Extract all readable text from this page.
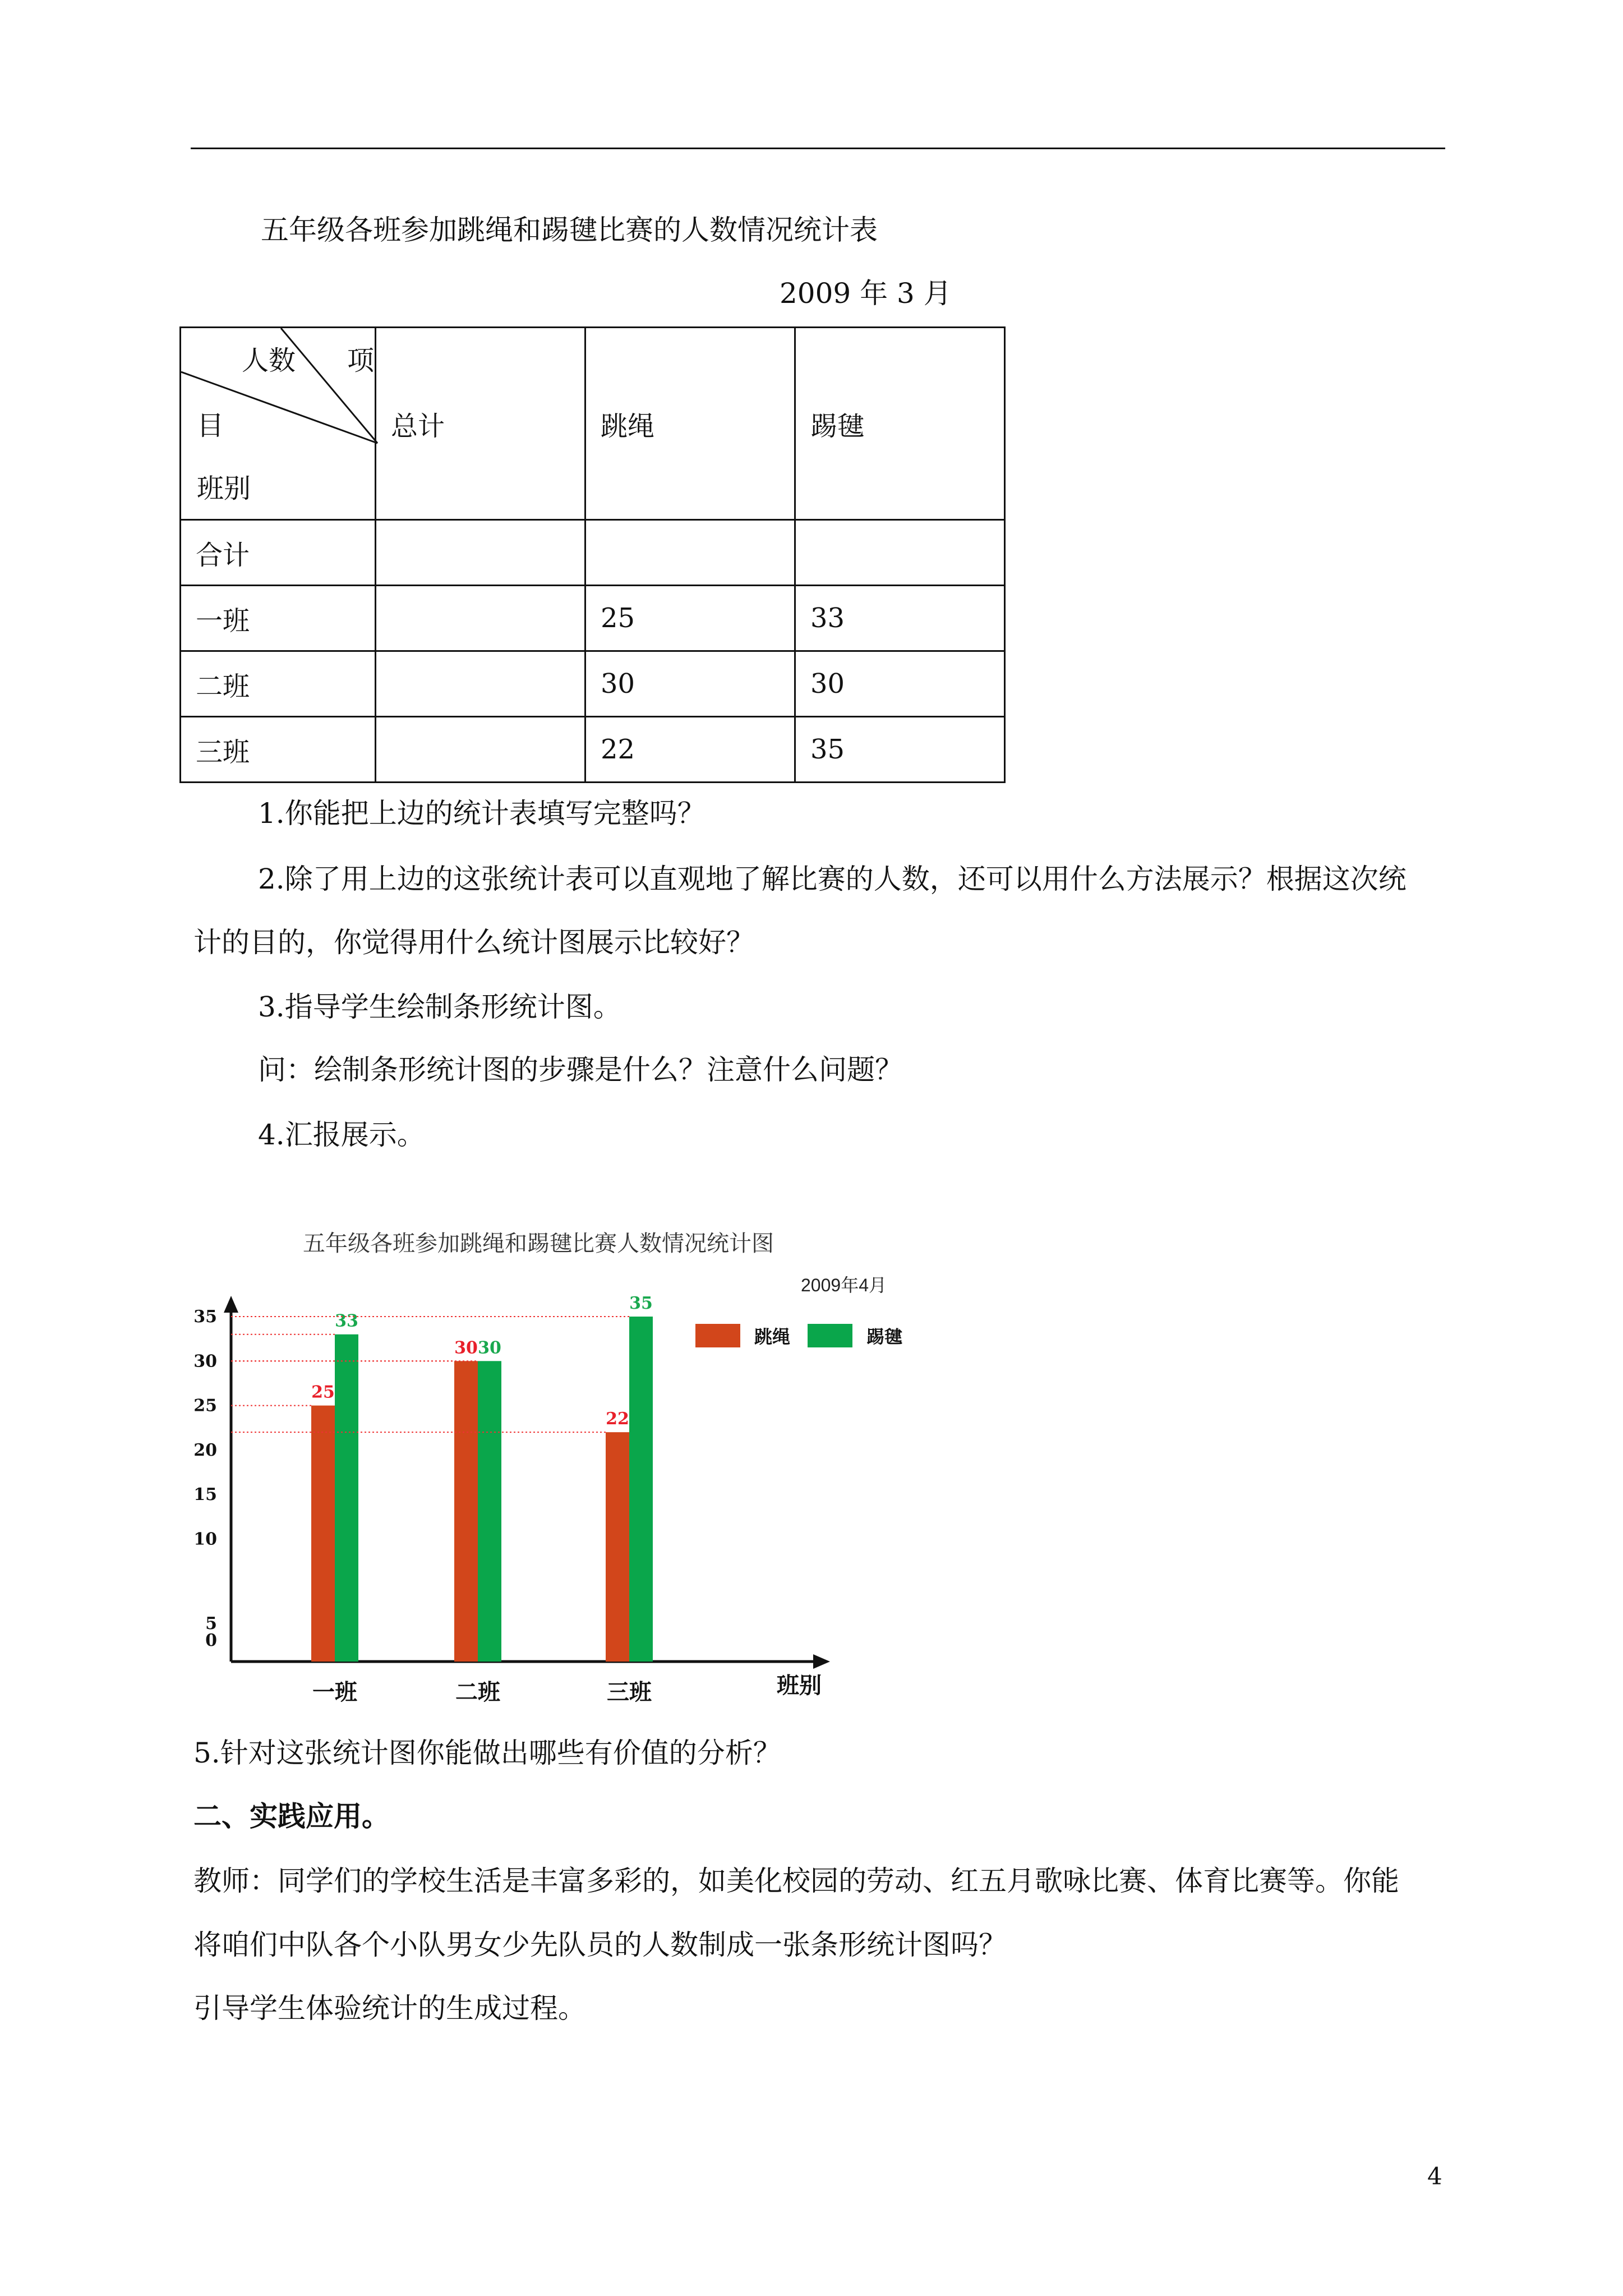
五年级各班参加跳绳和踢毽比赛的人数情况统计表
2009 年 3 月
人数 项
目
班别	总计	跳绳	踢毽
合计			
一班		25	33
二班		30	30
三班		22	35
1.你能把上边的统计表填写完整吗？
2.除了用上边的这张统计表可以直观地了解比赛的人数，还可以用什么方法展示？根据这次统
计的目的，你觉得用什么统计图展示比较好？
3.指导学生绘制条形统计图。
问：绘制条形统计图的步骤是什么？注意什么问题？
4.汇报展示。
五年级各班参加跳绳和踢毽比赛人数情况统计图
2009年4月
0
5
10
15
20
25
30
35
25
33
一班
30 30
二班
22
35
三班	班别
跳绳	踢毽
5.针对这张统计图你能做出哪些有价值的分析？
二、实践应用。
教师：同学们的学校生活是丰富多彩的，如美化校园的劳动、红五月歌咏比赛、体育比赛等。你能
将咱们中队各个小队男女少先队员的人数制成一张条形统计图吗？
引导学生体验统计的生成过程。
4
